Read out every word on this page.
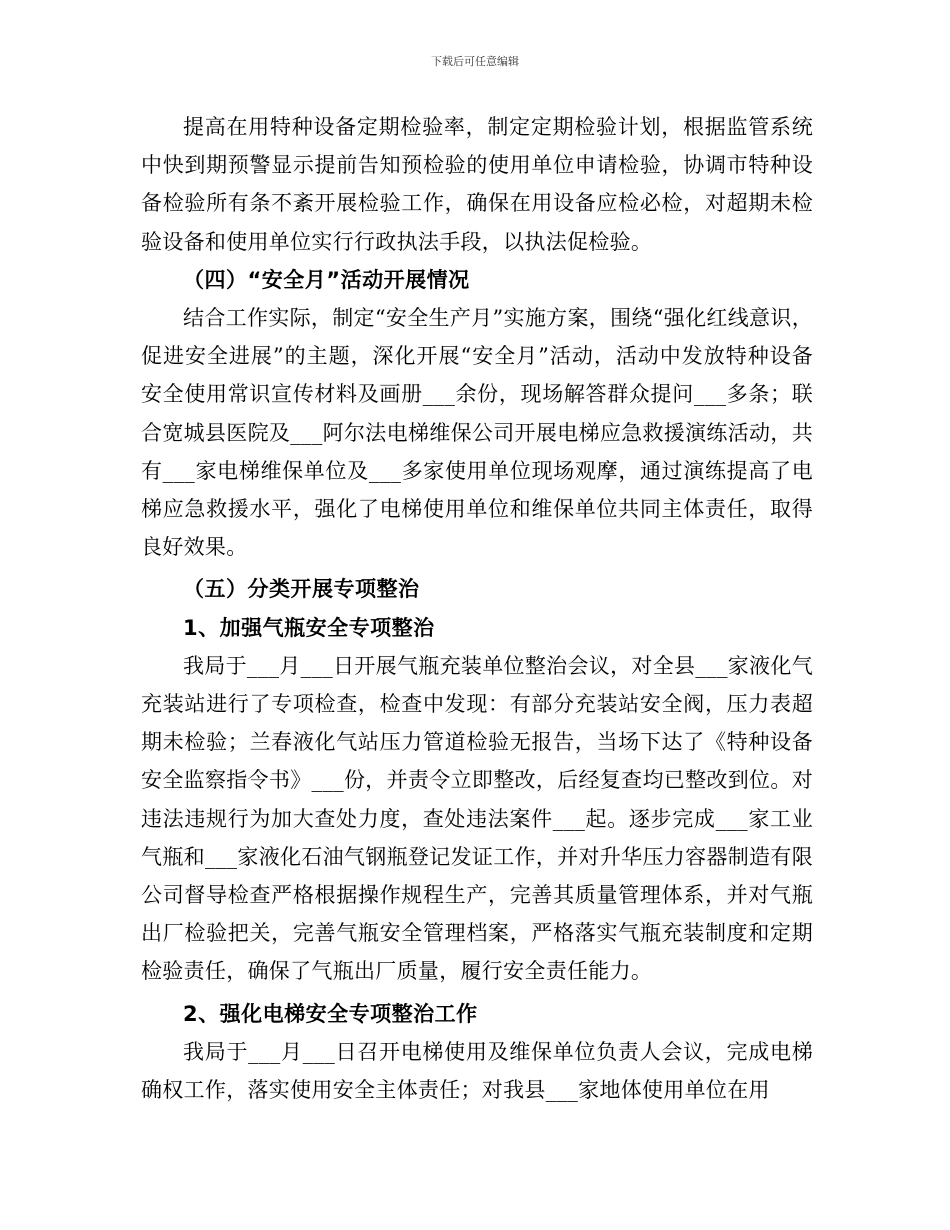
下载后可任意编辑

提高在用特种设备定期检验率，制定定期检验计划，根据监管系统中快到期预警显示提前告知预检验的使用单位申请检验，协调市特种设备检验所有条不紊开展检验工作，确保在用设备应检必检，对超期未检验设备和使用单位实行行政执法手段，以执法促检验。

（四）“安全月”活动开展情况

结合工作实际，制定“安全生产月”实施方案，围绕“强化红线意识，促进安全进展”的主题，深化开展“安全月”活动，活动中发放特种设备安全使用常识宣传材料及画册___余份，现场解答群众提问___多条；联合宽城县医院及___阿尔法电梯维保公司开展电梯应急救援演练活动，共有___家电梯维保单位及___多家使用单位现场观摩，通过演练提高了电梯应急救援水平，强化了电梯使用单位和维保单位共同主体责任，取得良好效果。

（五）分类开展专项整治

1、加强气瓶安全专项整治

我局于___月___日开展气瓶充装单位整治会议，对全县___家液化气充装站进行了专项检查，检查中发现：有部分充装站安全阀，压力表超期未检验；兰春液化气站压力管道检验无报告，当场下达了《特种设备安全监察指令书》___份，并责令立即整改，后经复查均已整改到位。对违法违规行为加大查处力度，查处违法案件___起。逐步完成___家工业气瓶和___家液化石油气钢瓶登记发证工作，并对升华压力容器制造有限公司督导检查严格根据操作规程生产，完善其质量管理体系，并对气瓶出厂检验把关，完善气瓶安全管理档案，严格落实气瓶充装制度和定期检验责任，确保了气瓶出厂质量，履行安全责任能力。

2、强化电梯安全专项整治工作

我局于___月___日召开电梯使用及维保单位负责人会议，完成电梯确权工作，落实使用安全主体责任；对我县___家地体使用单位在用
